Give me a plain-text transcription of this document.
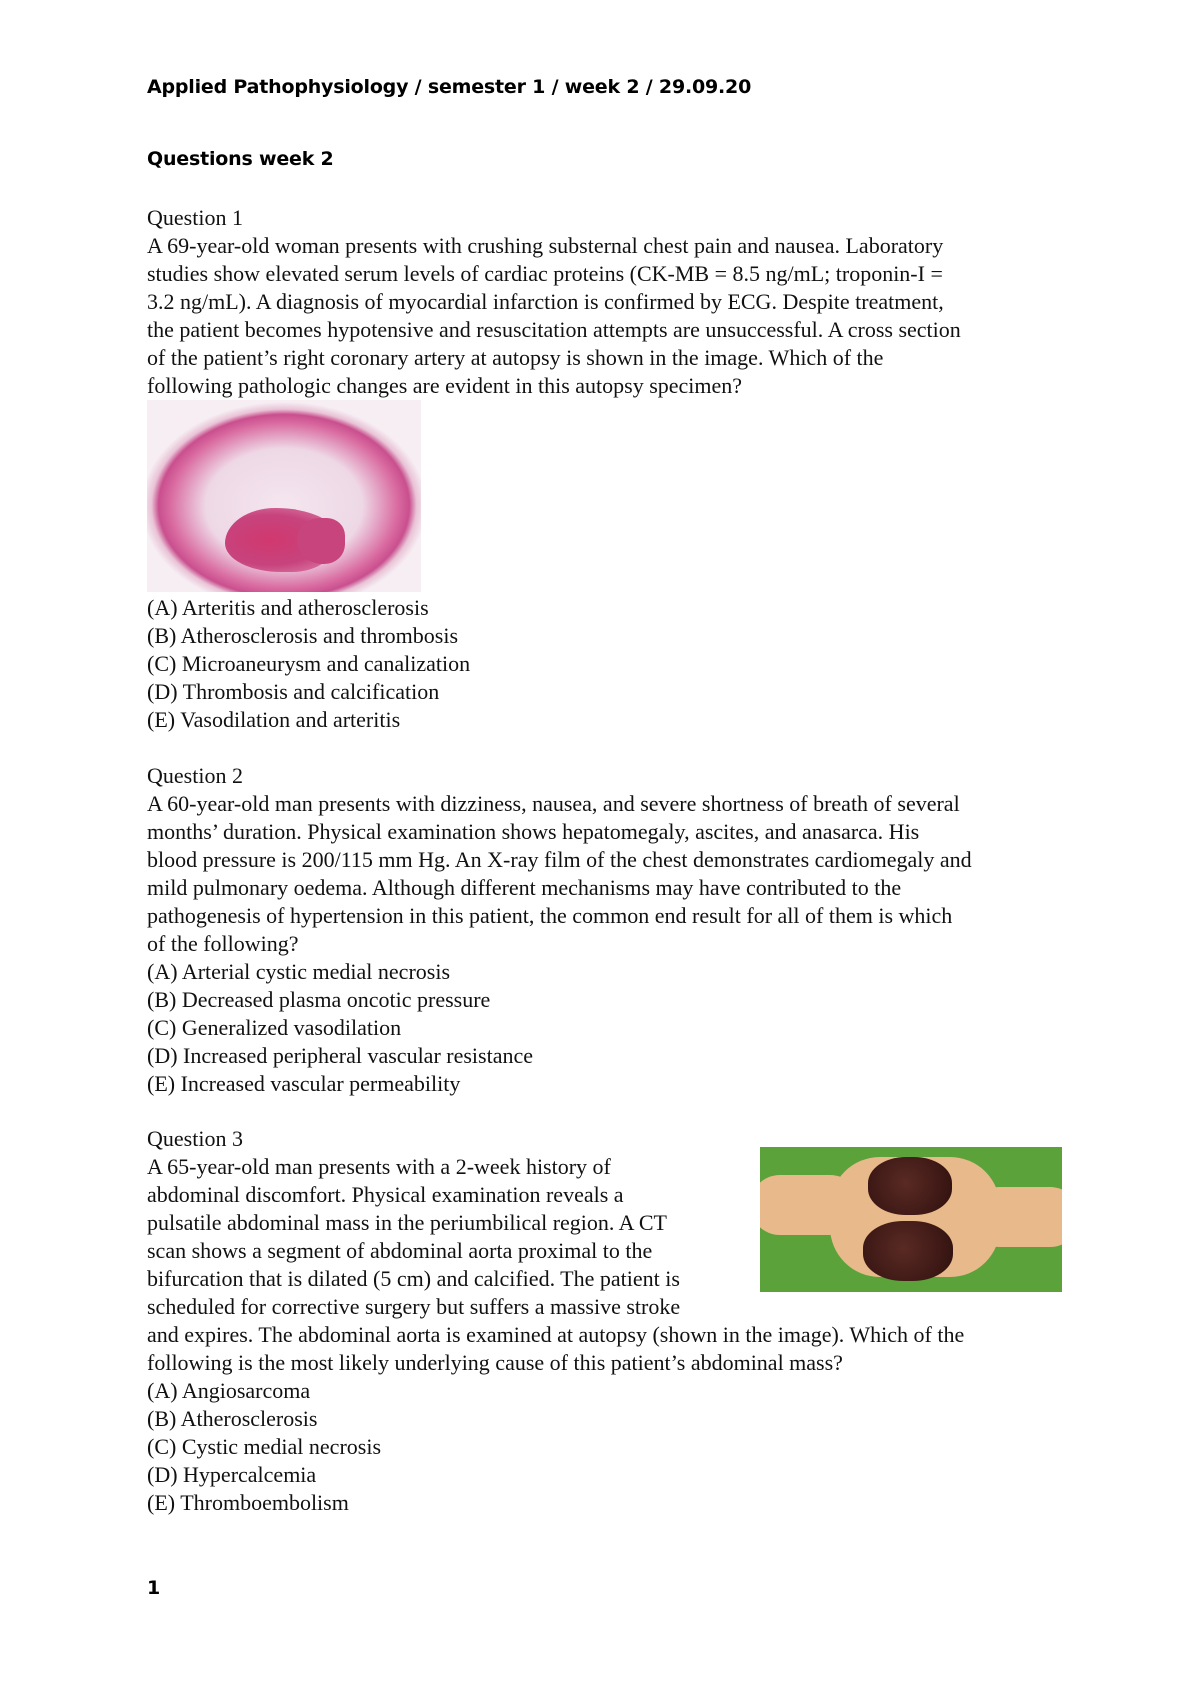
Applied Pathophysiology / semester 1 / week 2 / 29.09.20
Questions week 2
Question 1
A 69-year-old woman presents with crushing substernal chest pain and nausea. Laboratory
studies show elevated serum levels of cardiac proteins (CK-MB = 8.5 ng/mL; troponin-I =
3.2 ng/mL). A diagnosis of myocardial infarction is confirmed by ECG. Despite treatment,
the patient becomes hypotensive and resuscitation attempts are unsuccessful. A cross section
of the patient’s right coronary artery at autopsy is shown in the image. Which of the
following pathologic changes are evident in this autopsy specimen?
(A) Arteritis and atherosclerosis
(B) Atherosclerosis and thrombosis
(C) Microaneurysm and canalization
(D) Thrombosis and calcification
(E) Vasodilation and arteritis
Question 2
A 60-year-old man presents with dizziness, nausea, and severe shortness of breath of several
months’ duration. Physical examination shows hepatomegaly, ascites, and anasarca. His
blood pressure is 200/115 mm Hg. An X-ray film of the chest demonstrates cardiomegaly and
mild pulmonary oedema. Although different mechanisms may have contributed to the
pathogenesis of hypertension in this patient, the common end result for all of them is which
of the following?
(A) Arterial cystic medial necrosis
(B) Decreased plasma oncotic pressure
(C) Generalized vasodilation
(D) Increased peripheral vascular resistance
(E) Increased vascular permeability
Question 3
A 65-year-old man presents with a 2-week history of
abdominal discomfort. Physical examination reveals a
pulsatile abdominal mass in the periumbilical region. A CT
scan shows a segment of abdominal aorta proximal to the
bifurcation that is dilated (5 cm) and calcified. The patient is
scheduled for corrective surgery but suffers a massive stroke
and expires. The abdominal aorta is examined at autopsy (shown in the image). Which of the
following is the most likely underlying cause of this patient’s abdominal mass?
(A) Angiosarcoma
(B) Atherosclerosis
(C) Cystic medial necrosis
(D) Hypercalcemia
(E) Thromboembolism
1
